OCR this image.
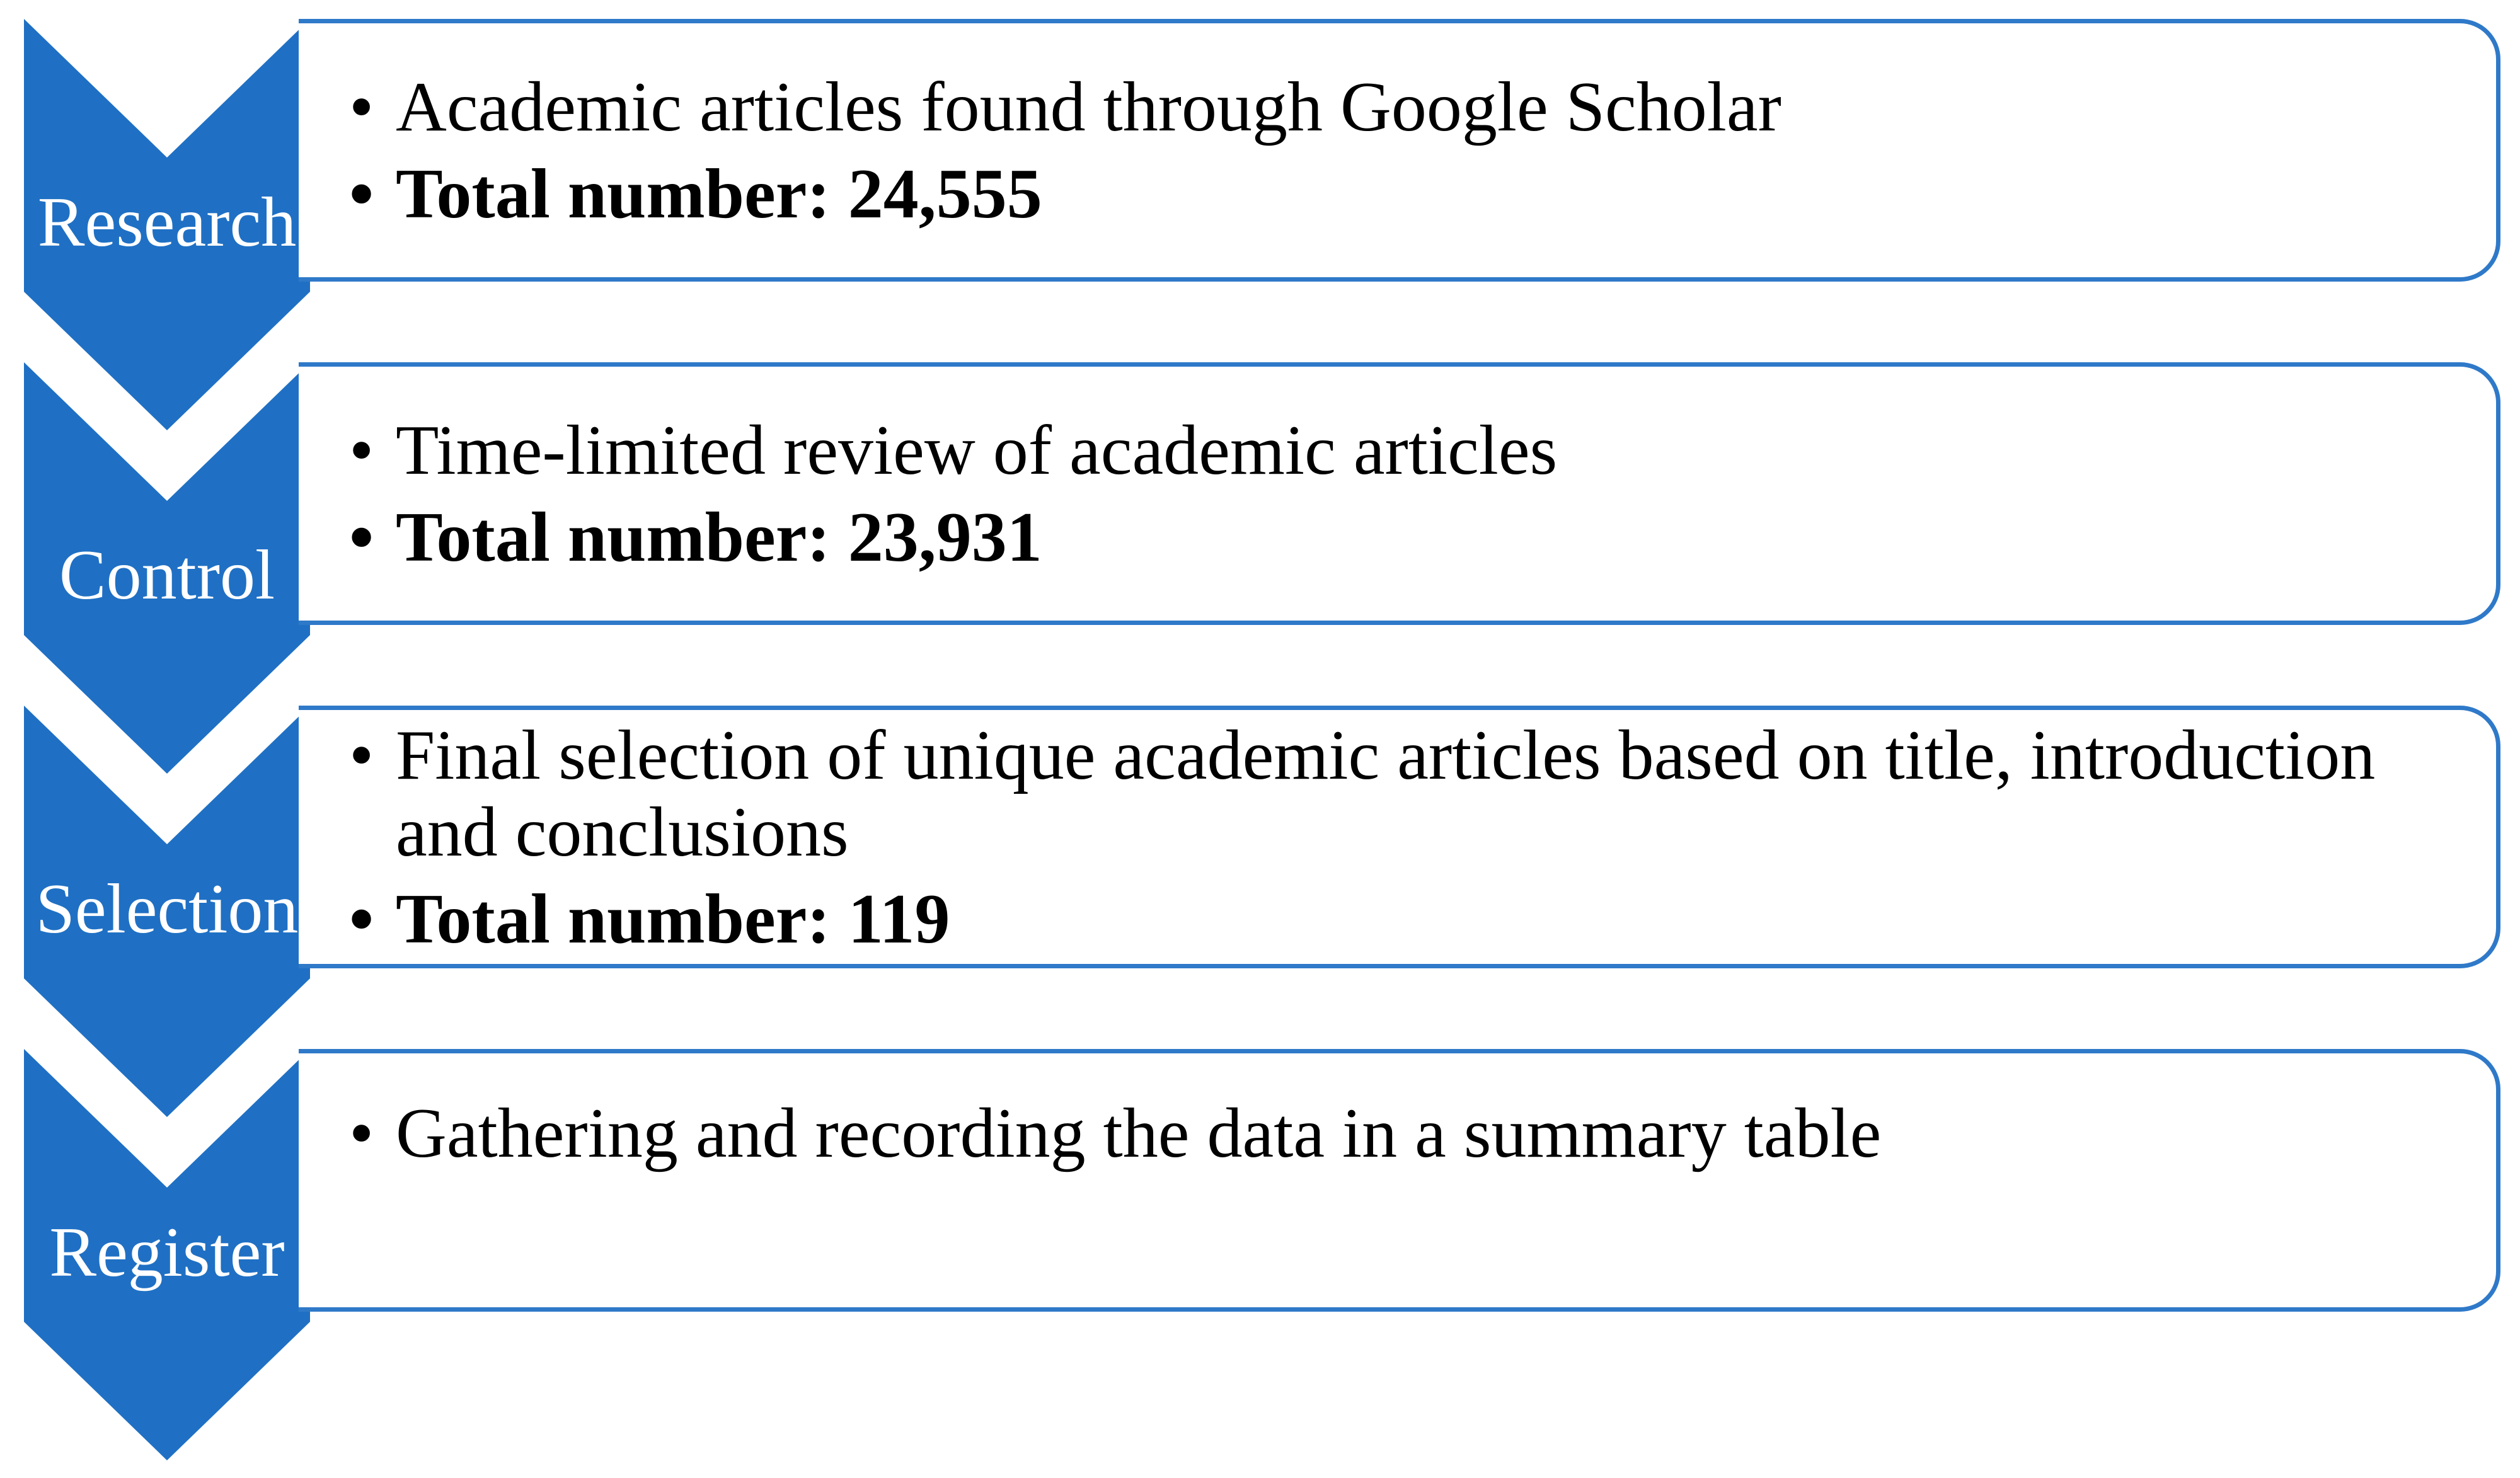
Research
Control
Selection
Register
• Academic articles found through Google Scholar
• Total number: 24,555
• Time-limited review of academic articles
• Total number: 23,931
• Final selection of unique academic articles based on title, introduction and conclusions
• Total number: 119
• Gathering and recording the data in a summary table
